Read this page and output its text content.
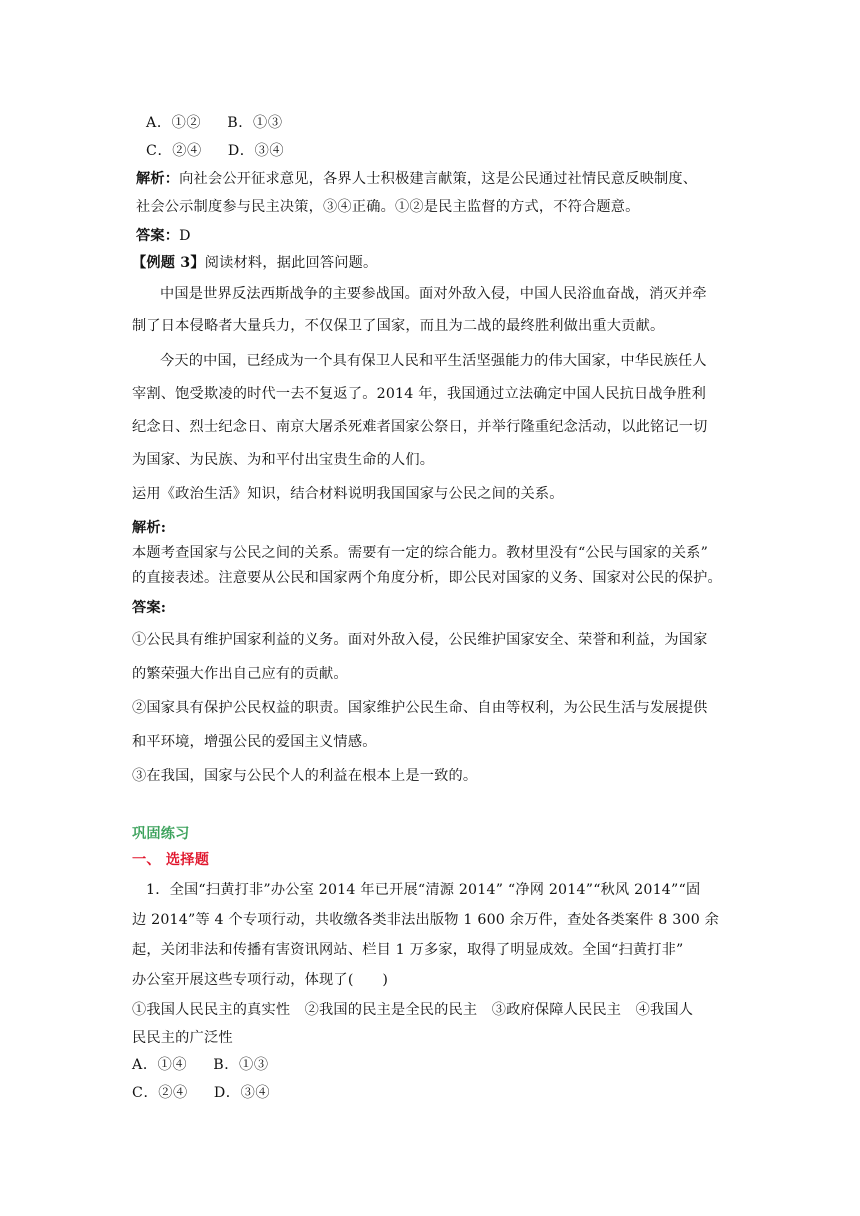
A．①② B．①③
C．②④ D．③④
解析：向社会公开征求意见，各界人士积极建言献策，这是公民通过社情民意反映制度、
社会公示制度参与民主决策，③④正确。①②是民主监督的方式，不符合题意。
答案：D
【例题 3】阅读材料，据此回答问题。
中国是世界反法西斯战争的主要参战国。面对外敌入侵，中国人民浴血奋战，消灭并牵
制了日本侵略者大量兵力，不仅保卫了国家，而且为二战的最终胜利做出重大贡献。
今天的中国，已经成为一个具有保卫人民和平生活坚强能力的伟大国家，中华民族任人
宰割、饱受欺凌的时代一去不复返了。2014 年，我国通过立法确定中国人民抗日战争胜利
纪念日、烈士纪念日、南京大屠杀死难者国家公祭日，并举行隆重纪念活动，以此铭记一切
为国家、为民族、为和平付出宝贵生命的人们。
运用《政治生活》知识，结合材料说明我国国家与公民之间的关系。
解析:
本题考查国家与公民之间的关系。需要有一定的综合能力。教材里没有“公民与国家的关系”
的直接表述。注意要从公民和国家两个角度分析，即公民对国家的义务、国家对公民的保护。
答案:
①公民具有维护国家利益的义务。面对外敌入侵，公民维护国家安全、荣誉和利益，为国家
的繁荣强大作出自己应有的贡献。
②国家具有保护公民权益的职责。国家维护公民生命、自由等权利，为公民生活与发展提供
和平环境，增强公民的爱国主义情感。
③在我国，国家与公民个人的利益在根本上是一致的。
巩固练习
一、 选择题
1．全国“扫黄打非”办公室 2014 年已开展“清源 2014” “净网 2014”“秋风 2014”“固
边 2014”等 4 个专项行动，共收缴各类非法出版物 1 600 余万件，查处各类案件 8 300 余
起，关闭非法和传播有害资讯网站、栏目 1 万多家，取得了明显成效。全国“扫黄打非”
办公室开展这些专项行动，体现了(　　)
①我国人民民主的真实性　②我国的民主是全民的民主　③政府保障人民民主　④我国人
民民主的广泛性
A．①④ B．①③
C．②④ D．③④
